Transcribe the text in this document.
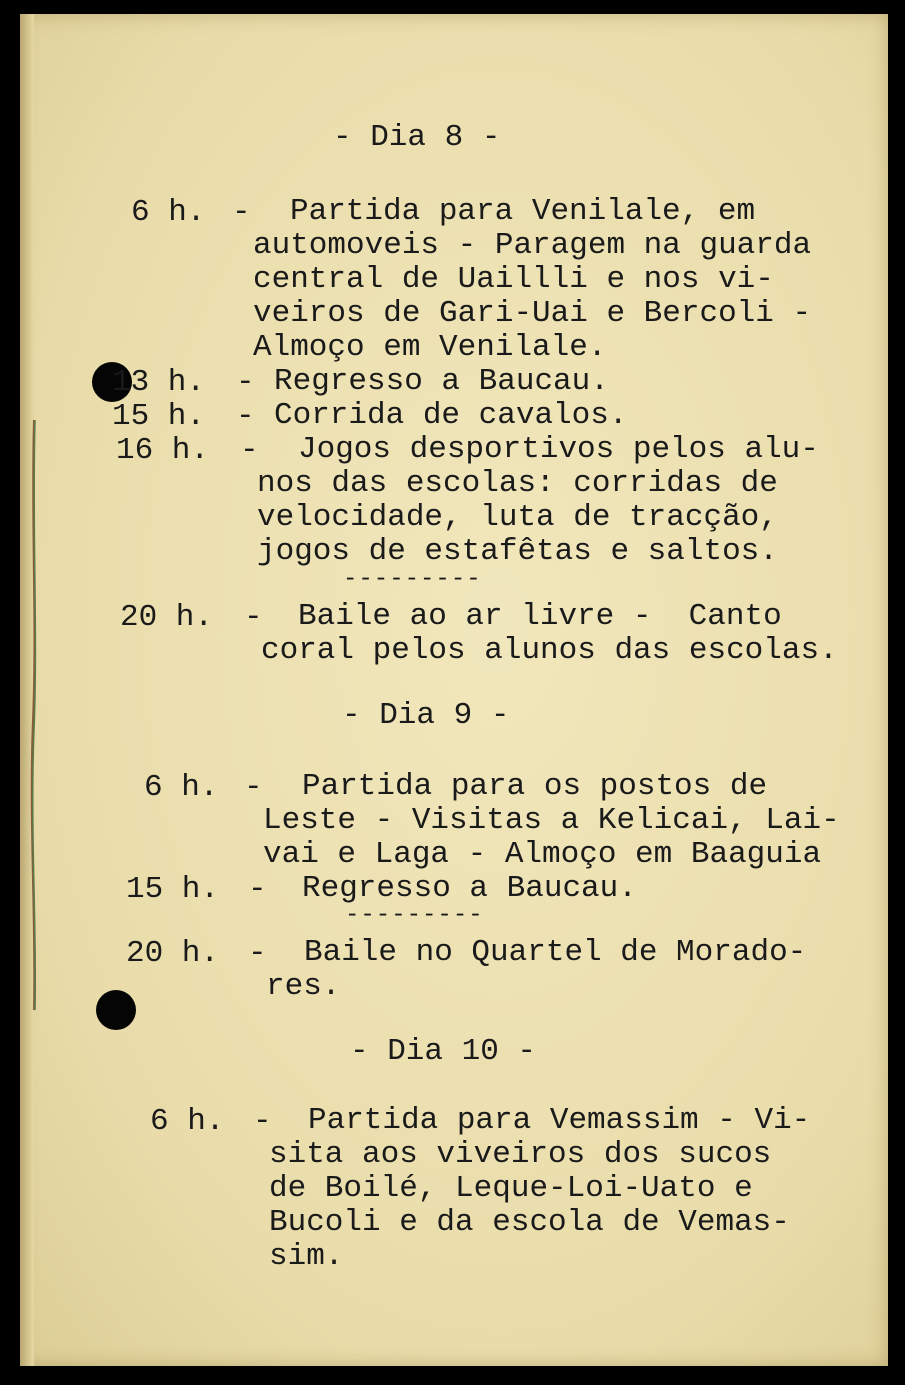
- Dia 8 -
6 h. - Partida para Venilale, em
automoveis - Paragem na guarda
central de Uaillli e nos vi-
veiros de Gari-Uai e Bercoli -
Almoço em Venilale.
13 h. - Regresso a Baucau.
15 h. - Corrida de cavalos.
16 h. - Jogos desportivos pelos alu-
nos das escolas: corridas de
velocidade, luta de tracção,
jogos de estafêtas e saltos.
---------
20 h. - Baile ao ar livre -  Canto
coral pelos alunos das escolas.
- Dia 9 -
6 h. - Partida para os postos de
Leste - Visitas a Kelicai, Lai-
vai e Laga - Almoço em Baaguia
15 h. - Regresso a Baucau.
---------
20 h. - Baile no Quartel de Morado-
res.
- Dia 10 -
6 h. - Partida para Vemassim - Vi-
sita aos viveiros dos sucos
de Boilé, Leque-Loi-Uato e
Bucoli e da escola de Vemas-
sim.
